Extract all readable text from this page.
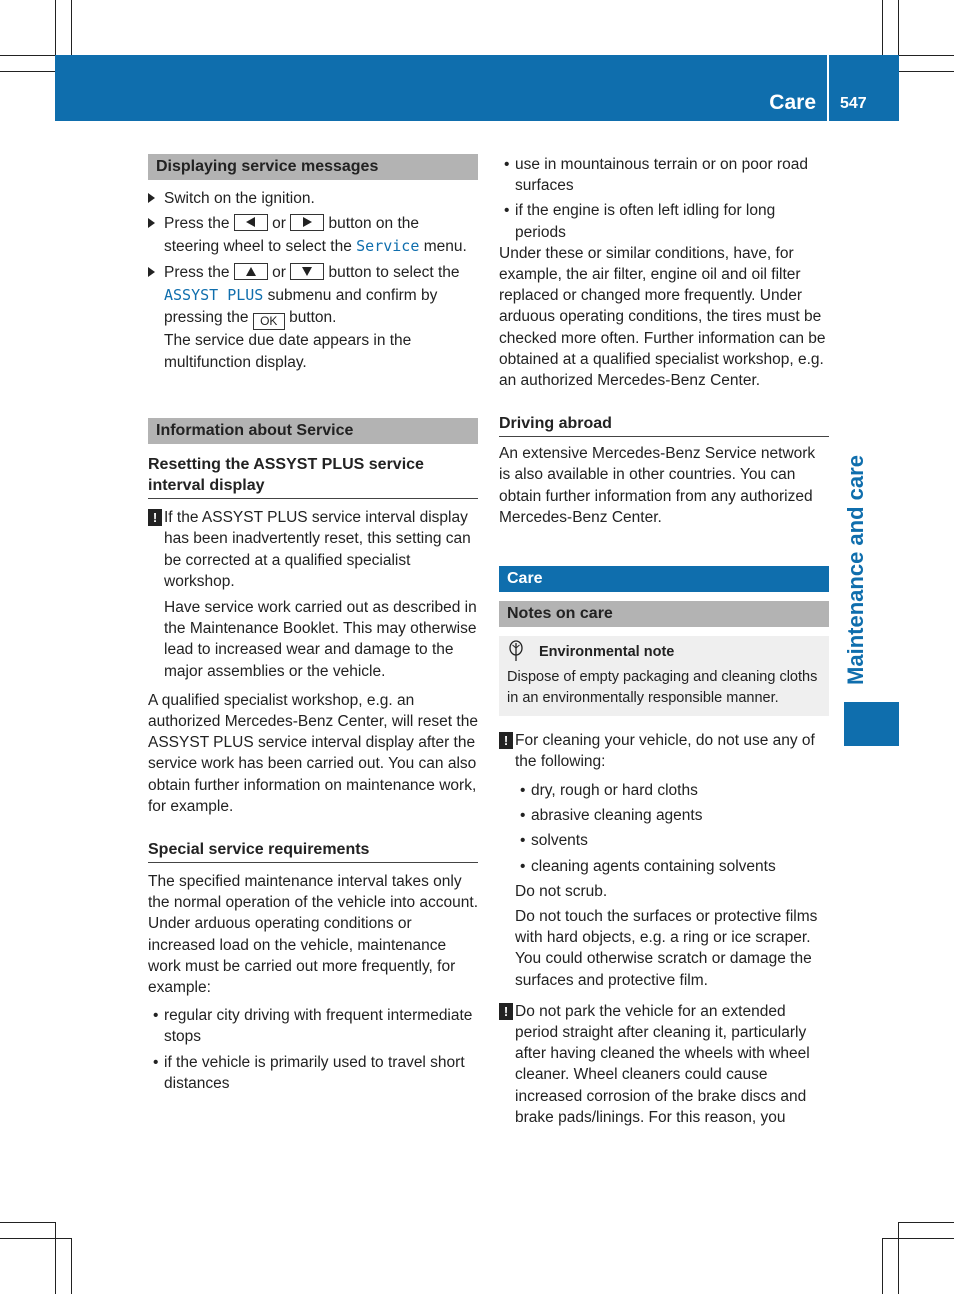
Care 547
Maintenance and care
Displaying service messages
Switch on the ignition.
Press the	or	button on the steering wheel to select the Service menu.
Press the	or	button to select the ASSYST PLUS submenu and confirm by pressing the OK button.
The service due date appears in the multifunction display.
Information about Service
Resetting the ASSYST PLUS service interval display
! If the ASSYST PLUS service interval display has been inadvertently reset, this setting can be corrected at a qualified specialist workshop.
Have service work carried out as described in the Maintenance Booklet. This may otherwise lead to increased wear and damage to the major assemblies or the vehicle.
A qualified specialist workshop, e.g. an authorized Mercedes-Benz Center, will reset the ASSYST PLUS service interval display after the service work has been carried out. You can also obtain further information on maintenance work, for example.
Special service requirements
The specified maintenance interval takes only the normal operation of the vehicle into account. Under arduous operating conditions or increased load on the vehicle, maintenance work must be carried out more frequently, for example:
• regular city driving with frequent intermediate stops
• if the vehicle is primarily used to travel short distances
• use in mountainous terrain or on poor road surfaces
• if the engine is often left idling for long periods
Under these or similar conditions, have, for example, the air filter, engine oil and oil filter replaced or changed more frequently. Under arduous operating conditions, the tires must be checked more often. Further information can be obtained at a qualified specialist workshop, e.g. an authorized Mercedes-Benz Center.
Driving abroad
An extensive Mercedes-Benz Service network is also available in other countries. You can obtain further information from any authorized Mercedes-Benz Center.
Care
Notes on care
Environmental note
Dispose of empty packaging and cleaning cloths in an environmentally responsible manner.
! For cleaning your vehicle, do not use any of the following:
• dry, rough or hard cloths
• abrasive cleaning agents
• solvents
• cleaning agents containing solvents
Do not scrub.
Do not touch the surfaces or protective films with hard objects, e.g. a ring or ice scraper. You could otherwise scratch or damage the surfaces and protective film.
! Do not park the vehicle for an extended period straight after cleaning it, particularly after having cleaned the wheels with wheel cleaner. Wheel cleaners could cause increased corrosion of the brake discs and brake pads/linings. For this reason, you
